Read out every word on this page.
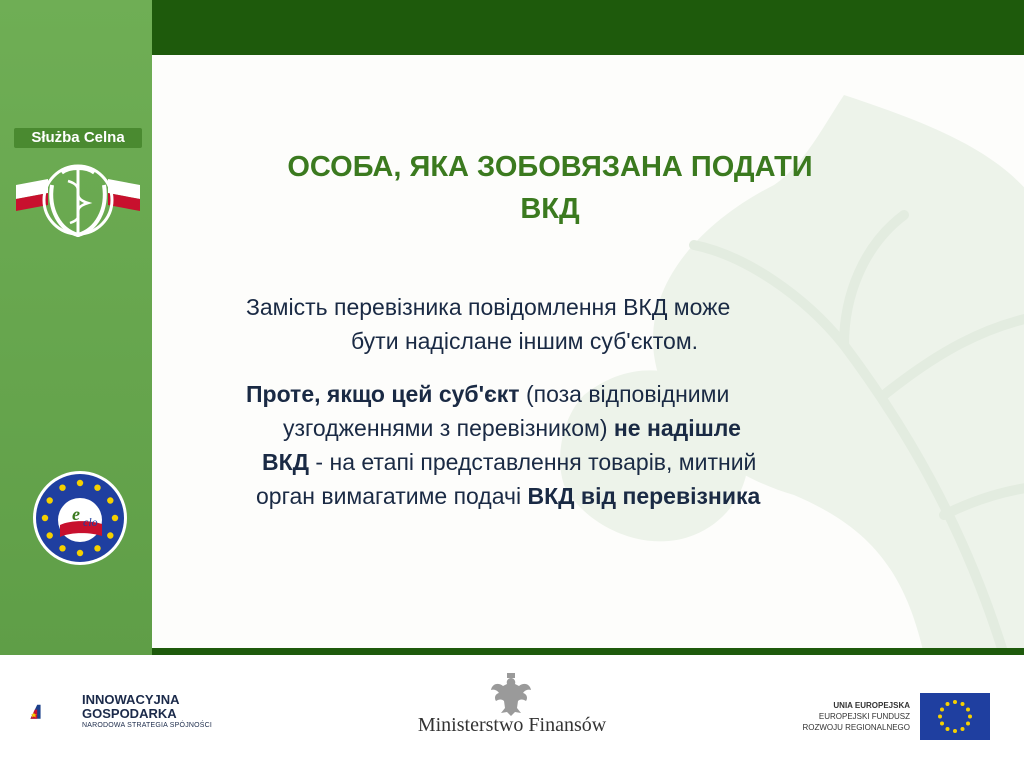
Służba Celna
e clo
ОСОБА, ЯКА ЗОБОВЯЗАНА ПОДАТИ
ВКД
Замість перевізника повідомлення ВКД може
бути надіслане іншим суб'єктом.
Проте, якщо цей суб'єкт (поза відповідними
узгодженнями з перевізником) не надішле
ВКД - на етапі представлення товарів, митний
орган вимагатиме подачі ВКД від перевізника
INNOWACYJNA
GOSPODARKA
NARODOWA STRATEGIA SPÓJNOŚCI	Ministerstwo Finansów
UNIA EUROPEJSKA
EUROPEJSKI FUNDUSZ
ROZWOJU REGIONALNEGO
